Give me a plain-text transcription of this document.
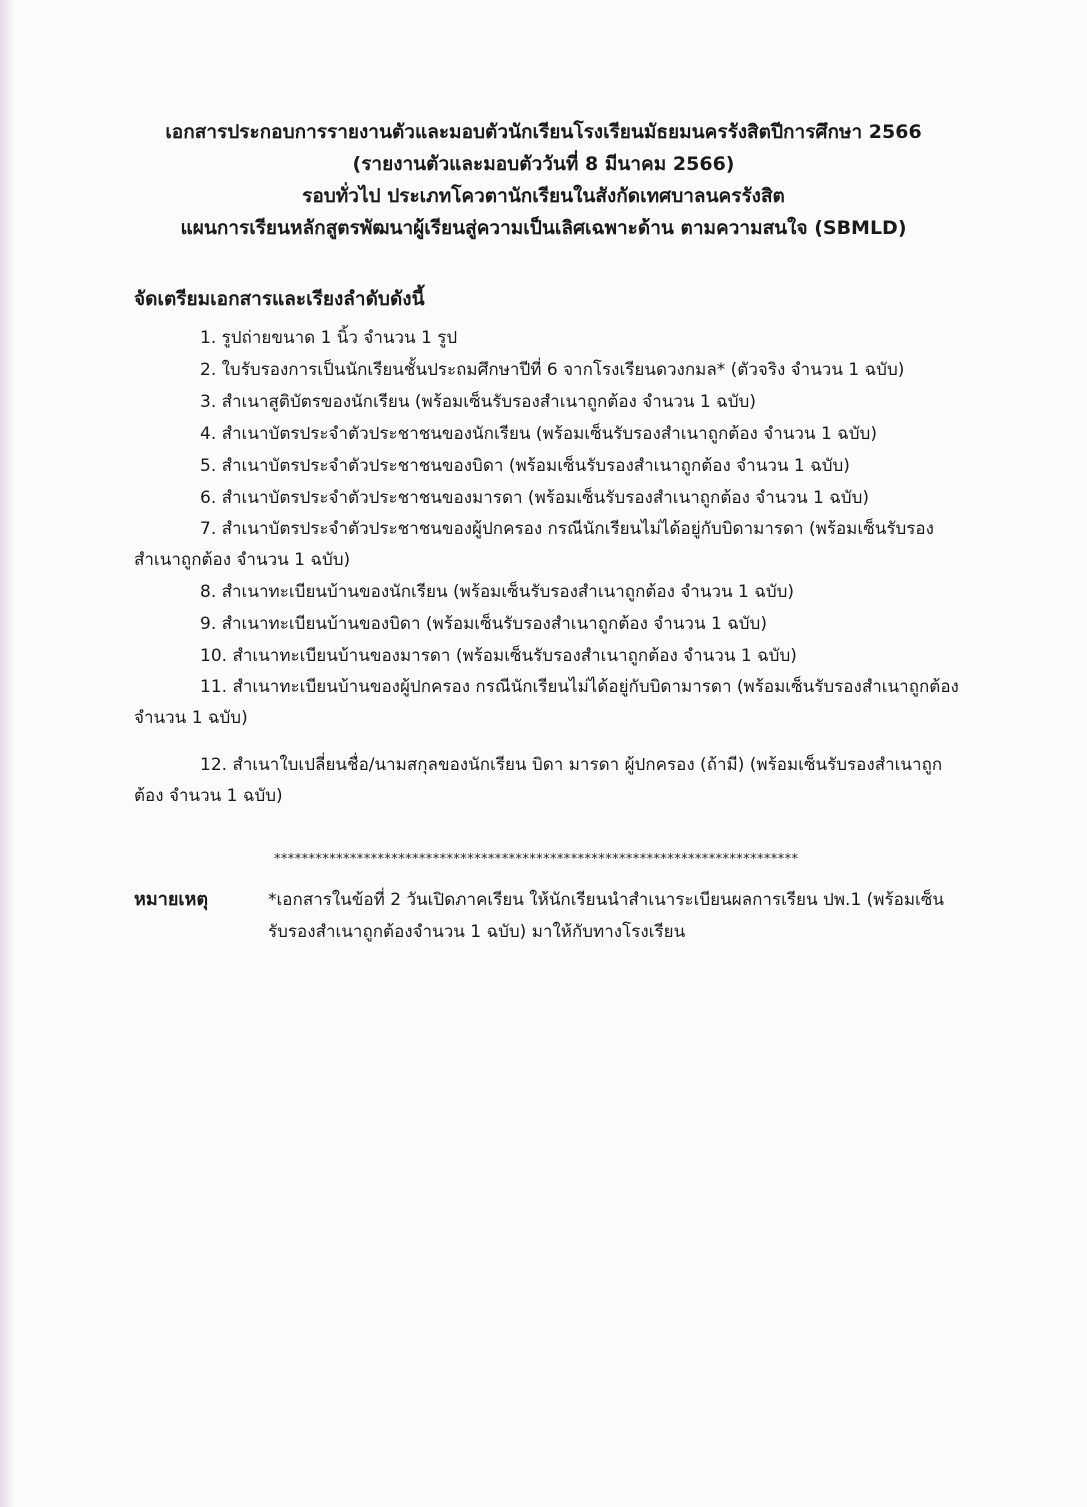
เอกสารประกอบการรายงานตัวและมอบตัวนักเรียนโรงเรียนมัธยมนครรังสิตปีการศึกษา 2566
(รายงานตัวและมอบตัววันที่ 8 มีนาคม 2566)
รอบทั่วไป ประเภทโควตานักเรียนในสังกัดเทศบาลนครรังสิต
แผนการเรียนหลักสูตรพัฒนาผู้เรียนสู่ความเป็นเลิศเฉพาะด้าน ตามความสนใจ (SBMLD)
จัดเตรียมเอกสารและเรียงลำดับดังนี้
1. รูปถ่ายขนาด 1 นิ้ว จำนวน 1 รูป
2. ใบรับรองการเป็นนักเรียนชั้นประถมศึกษาปีที่ 6 จากโรงเรียนดวงกมล* (ตัวจริง จำนวน 1 ฉบับ)
3. สำเนาสูติบัตรของนักเรียน (พร้อมเซ็นรับรองสำเนาถูกต้อง จำนวน 1 ฉบับ)
4. สำเนาบัตรประจำตัวประชาชนของนักเรียน (พร้อมเซ็นรับรองสำเนาถูกต้อง จำนวน 1 ฉบับ)
5. สำเนาบัตรประจำตัวประชาชนของบิดา (พร้อมเซ็นรับรองสำเนาถูกต้อง จำนวน 1 ฉบับ)
6. สำเนาบัตรประจำตัวประชาชนของมารดา (พร้อมเซ็นรับรองสำเนาถูกต้อง จำนวน 1 ฉบับ)
7. สำเนาบัตรประจำตัวประชาชนของผู้ปกครอง กรณีนักเรียนไม่ได้อยู่กับบิดามารดา (พร้อมเซ็นรับรองสำเนาถูกต้อง จำนวน 1 ฉบับ)
8. สำเนาทะเบียนบ้านของนักเรียน (พร้อมเซ็นรับรองสำเนาถูกต้อง จำนวน 1 ฉบับ)
9. สำเนาทะเบียนบ้านของบิดา (พร้อมเซ็นรับรองสำเนาถูกต้อง จำนวน 1 ฉบับ)
10. สำเนาทะเบียนบ้านของมารดา (พร้อมเซ็นรับรองสำเนาถูกต้อง จำนวน 1 ฉบับ)
11. สำเนาทะเบียนบ้านของผู้ปกครอง กรณีนักเรียนไม่ได้อยู่กับบิดามารดา (พร้อมเซ็นรับรองสำเนาถูกต้อง จำนวน 1 ฉบับ)
12. สำเนาใบเปลี่ยนชื่อ/นามสกุลของนักเรียน บิดา มารดา ผู้ปกครอง (ถ้ามี) (พร้อมเซ็นรับรองสำเนาถูกต้อง จำนวน 1 ฉบับ)
****************************************************************************
หมายเหตุ	*เอกสารในข้อที่ 2 วันเปิดภาคเรียน ให้นักเรียนนำสำเนาระเบียนผลการเรียน ปพ.1 (พร้อมเซ็นรับรองสำเนาถูกต้องจำนวน 1 ฉบับ) มาให้กับทางโรงเรียน
